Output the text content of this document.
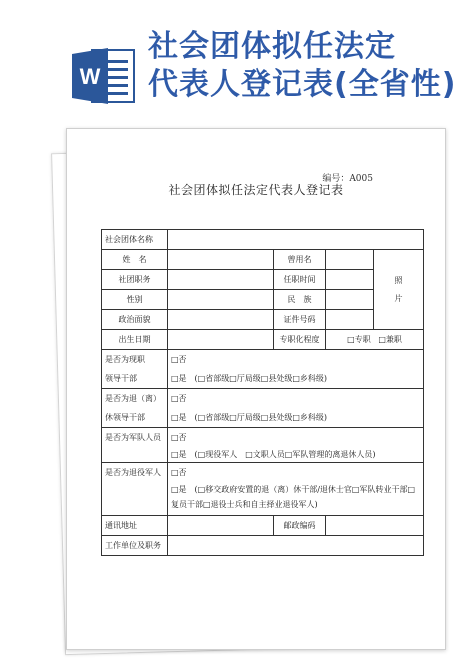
W
社会团体拟任法定
代表人登记表(全省性)
编号：A005
社会团体拟任法定代表人登记表
社会团体名称				
姓　名		曾用名		照
片

社团职务		任职时间		
性别		民　族		
政治面貌		证件号码		
出生日期		专职化程度	□专职 □兼职	

是否为现职
领导干部	□否
□是　(□省部级□厅局级□县处级□乡科级)			

是否为退（离）
休领导干部	□否
□是　(□省部级□厅局级□县处级□乡科级)			

是否为军队人员	□否
□是　(□现役军人　□文职人员□军队管理的离退休人员)			

是否为退役军人	□否
□是　(□移交政府安置的退（离）休干部/退休士官□军队转业干部□复员干部□退役士兵和自主择业退役军人)			

通讯地址		邮政编码		
工作单位及职务				
